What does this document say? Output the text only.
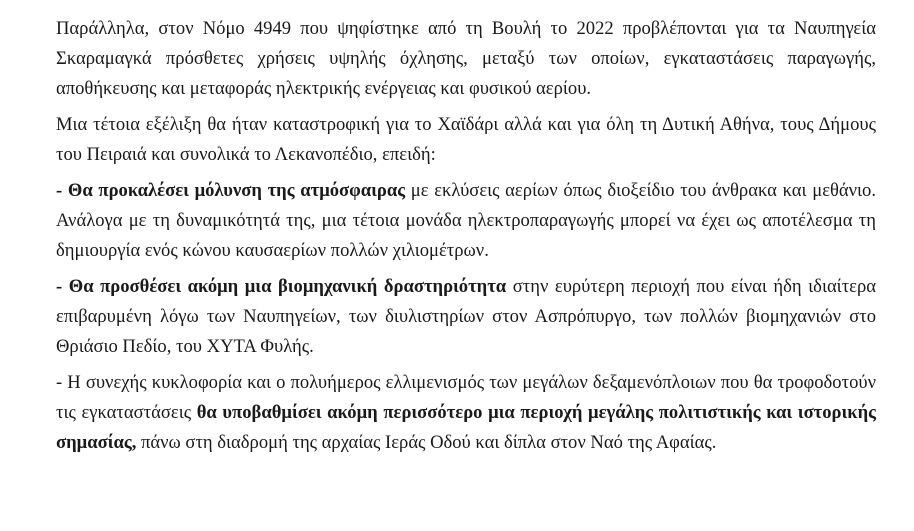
Παράλληλα, στον Νόμο 4949 που ψηφίστηκε από τη Βουλή το 2022 προβλέπονται για τα Ναυπηγεία Σκαραμαγκά πρόσθετες χρήσεις υψηλής όχλησης, μεταξύ των οποίων, εγκαταστάσεις παραγωγής, αποθήκευσης και μεταφοράς ηλεκτρικής ενέργειας και φυσικού αερίου.

Μια τέτοια εξέλιξη θα ήταν καταστροφική για το Χαϊδάρι αλλά και για όλη τη Δυτική Αθήνα, τους Δήμους του Πειραιά και συνολικά το Λεκανοπέδιο, επειδή:

- Θα προκαλέσει μόλυνση της ατμόσφαιρας με εκλύσεις αερίων όπως διοξείδιο του άνθρακα και μεθάνιο. Ανάλογα με τη δυναμικότητά της, μια τέτοια μονάδα ηλεκτροπαραγωγής μπορεί να έχει ως αποτέλεσμα τη δημιουργία ενός κώνου καυσαερίων πολλών χιλιομέτρων.

- Θα προσθέσει ακόμη μια βιομηχανική δραστηριότητα στην ευρύτερη περιοχή που είναι ήδη ιδιαίτερα επιβαρυμένη λόγω των Ναυπηγείων, των διυλιστηρίων στον Ασπρόπυργο, των πολλών βιομηχανιών στο Θριάσιο Πεδίο, του ΧΥΤΑ Φυλής.

- Η συνεχής κυκλοφορία και ο πολυήμερος ελλιμενισμός των μεγάλων δεξαμενόπλοιων που θα τροφοδοτούν τις εγκαταστάσεις θα υποβαθμίσει ακόμη περισσότερο μια περιοχή μεγάλης πολιτιστικής και ιστορικής σημασίας, πάνω στη διαδρομή της αρχαίας Ιεράς Οδού και δίπλα στον Ναό της Αφαίας.
